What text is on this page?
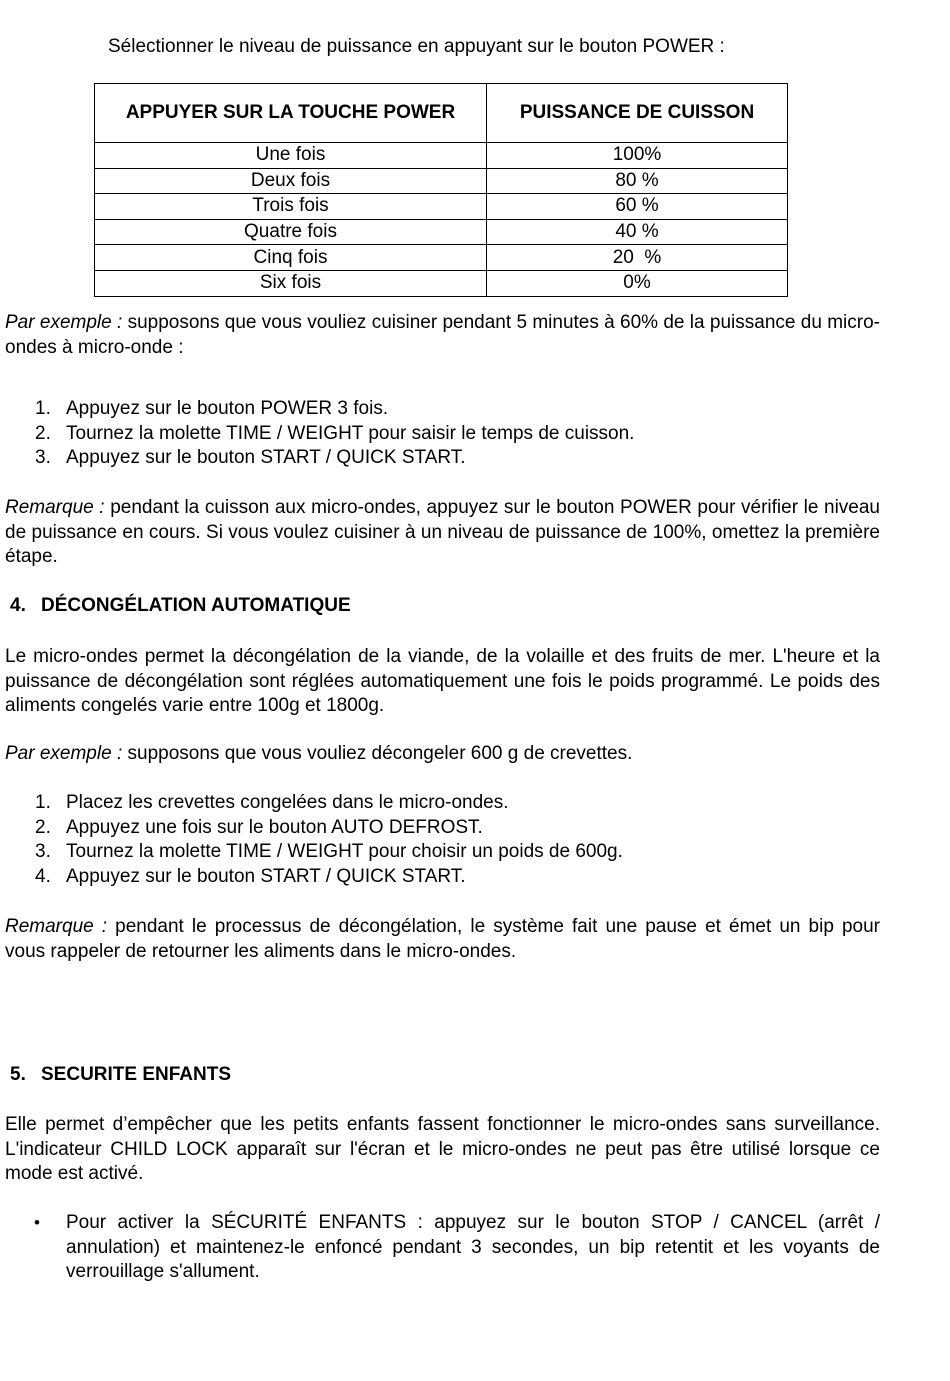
Sélectionner le niveau de puissance en appuyant sur le bouton POWER :
APPUYER SUR LA TOUCHE POWER	PUISSANCE DE CUISSON
Une fois	100%
Deux fois	80 %
Trois fois	60 %
Quatre fois	40 %
Cinq fois	20  %
Six fois	0%

Par exemple : supposons que vous vouliez cuisiner pendant 5 minutes à 60% de la puissance du micro-ondes à micro-onde :

1. Appuyez sur le bouton POWER 3 fois.
2. Tournez la molette TIME / WEIGHT pour saisir le temps de cuisson.
3. Appuyez sur le bouton START / QUICK START.

Remarque : pendant la cuisson aux micro-ondes, appuyez sur le bouton POWER pour vérifier le niveau de puissance en cours. Si vous voulez cuisiner à un niveau de puissance de 100%, omettez la première étape.

4. DÉCONGÉLATION AUTOMATIQUE

Le micro-ondes permet la décongélation de la viande, de la volaille et des fruits de mer. L'heure et la puissance de décongélation sont réglées automatiquement une fois le poids programmé. Le poids des aliments congelés varie entre 100g et 1800g.

Par exemple : supposons que vous vouliez décongeler 600 g de crevettes.

1. Placez les crevettes congelées dans le micro-ondes.
2. Appuyez une fois sur le bouton AUTO DEFROST.
3. Tournez la molette TIME / WEIGHT pour choisir un poids de 600g.
4. Appuyez sur le bouton START / QUICK START.

Remarque : pendant le processus de décongélation, le système fait une pause et émet un bip pour vous rappeler de retourner les aliments dans le micro-ondes.

5. SECURITE ENFANTS

Elle permet d’empêcher que les petits enfants fassent fonctionner le micro-ondes sans surveillance. L'indicateur CHILD LOCK apparaît sur l'écran et le micro-ondes ne peut pas être utilisé lorsque ce mode est activé.

• Pour activer la SÉCURITÉ ENFANTS : appuyez sur le bouton STOP / CANCEL (arrêt / annulation) et maintenez-le enfoncé pendant 3 secondes, un bip retentit et les voyants de verrouillage s'allument.
